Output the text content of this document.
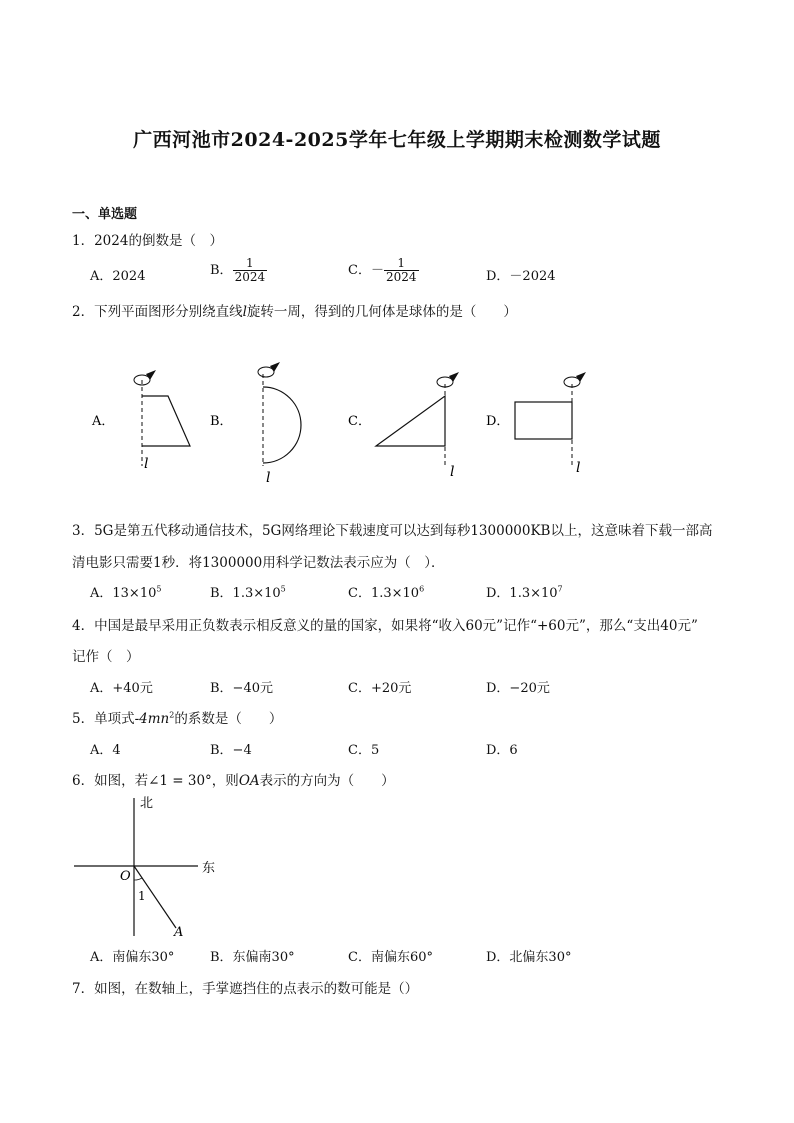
广西河池市2024-2025学年七年级上学期期末检测数学试题
一、单选题
1．2024的倒数是（　）
A．2024	B． $\frac{1}{2024}$	C．－ $\frac{1}{2024}$	D．－2024
2．下列平面图形分别绕直线l旋转一周，得到的几何体是球体的是（　　）
A．
l
B．
l
C．
l
D．
l
3．5G是第五代移动通信技术，5G网络理论下载速度可以达到每秒1300000KB以上，这意味着下载一部高
清电影只需要1秒．将1300000用科学记数法表示应为（　）．
A．$13\times 10^5$	B．$1.3\times 10^5$	C．$1.3\times 10^6$	D．$1.3\times 10^7$
4．中国是最早采用正负数表示相反意义的量的国家，如果将“收入60元”记作“+60元”，那么“支出40元”
记作（　）
A．+40元	B．−40元	C．+20元	D．−20元
5．单项式$-4mn^2$的系数是（　　）
A．4	B．−4	C．5	D．6
6．如图，若∠1 = 30°，则OA表示的方向为（　　）
北
东
O
1
A
A．南偏东30°	B．东偏南30°	C．南偏东60°	D．北偏东30°
7．如图，在数轴上，手掌遮挡住的点表示的数可能是（）
